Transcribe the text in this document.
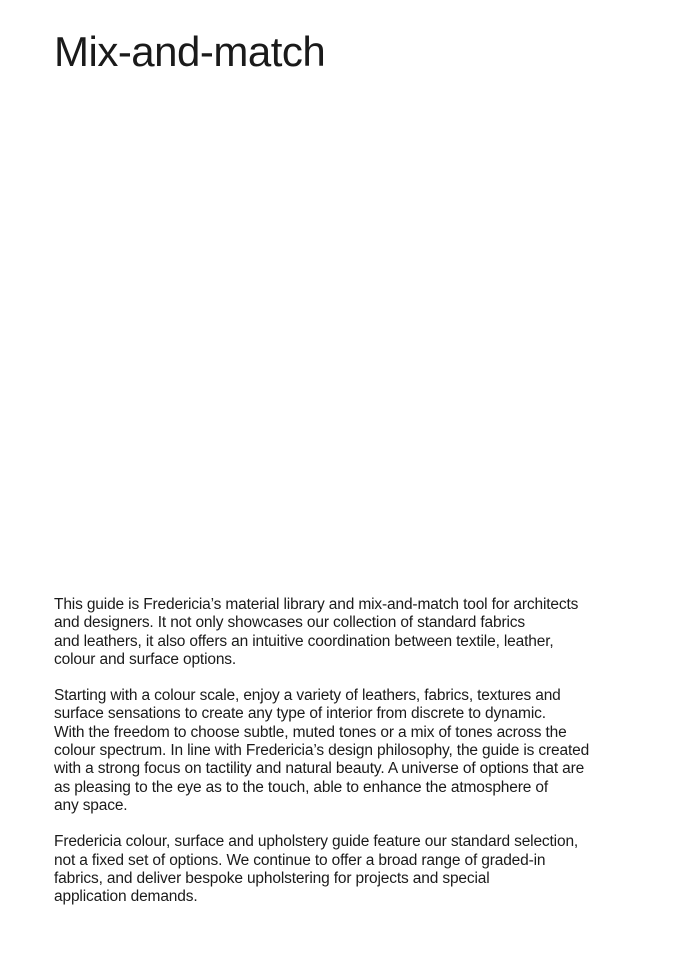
Mix-and-match

This guide is Fredericia’s material library and mix-and-match tool for architects
and designers. It not only showcases our collection of standard fabrics
and leathers, it also offers an intuitive coordination between textile, leather,
colour and surface options.

Starting with a colour scale, enjoy a variety of leathers, fabrics, textures and
surface sensations to create any type of interior from discrete to dynamic.
With the freedom to choose subtle, muted tones or a mix of tones across the
colour spectrum. In line with Fredericia’s design philosophy, the guide is created
with a strong focus on tactility and natural beauty. A universe of options that are
as pleasing to the eye as to the touch, able to enhance the atmosphere of
any space.

Fredericia colour, surface and upholstery guide feature our standard selection,
not a fixed set of options. We continue to offer a broad range of graded-in
fabrics, and deliver bespoke upholstering for projects and special
application demands.
